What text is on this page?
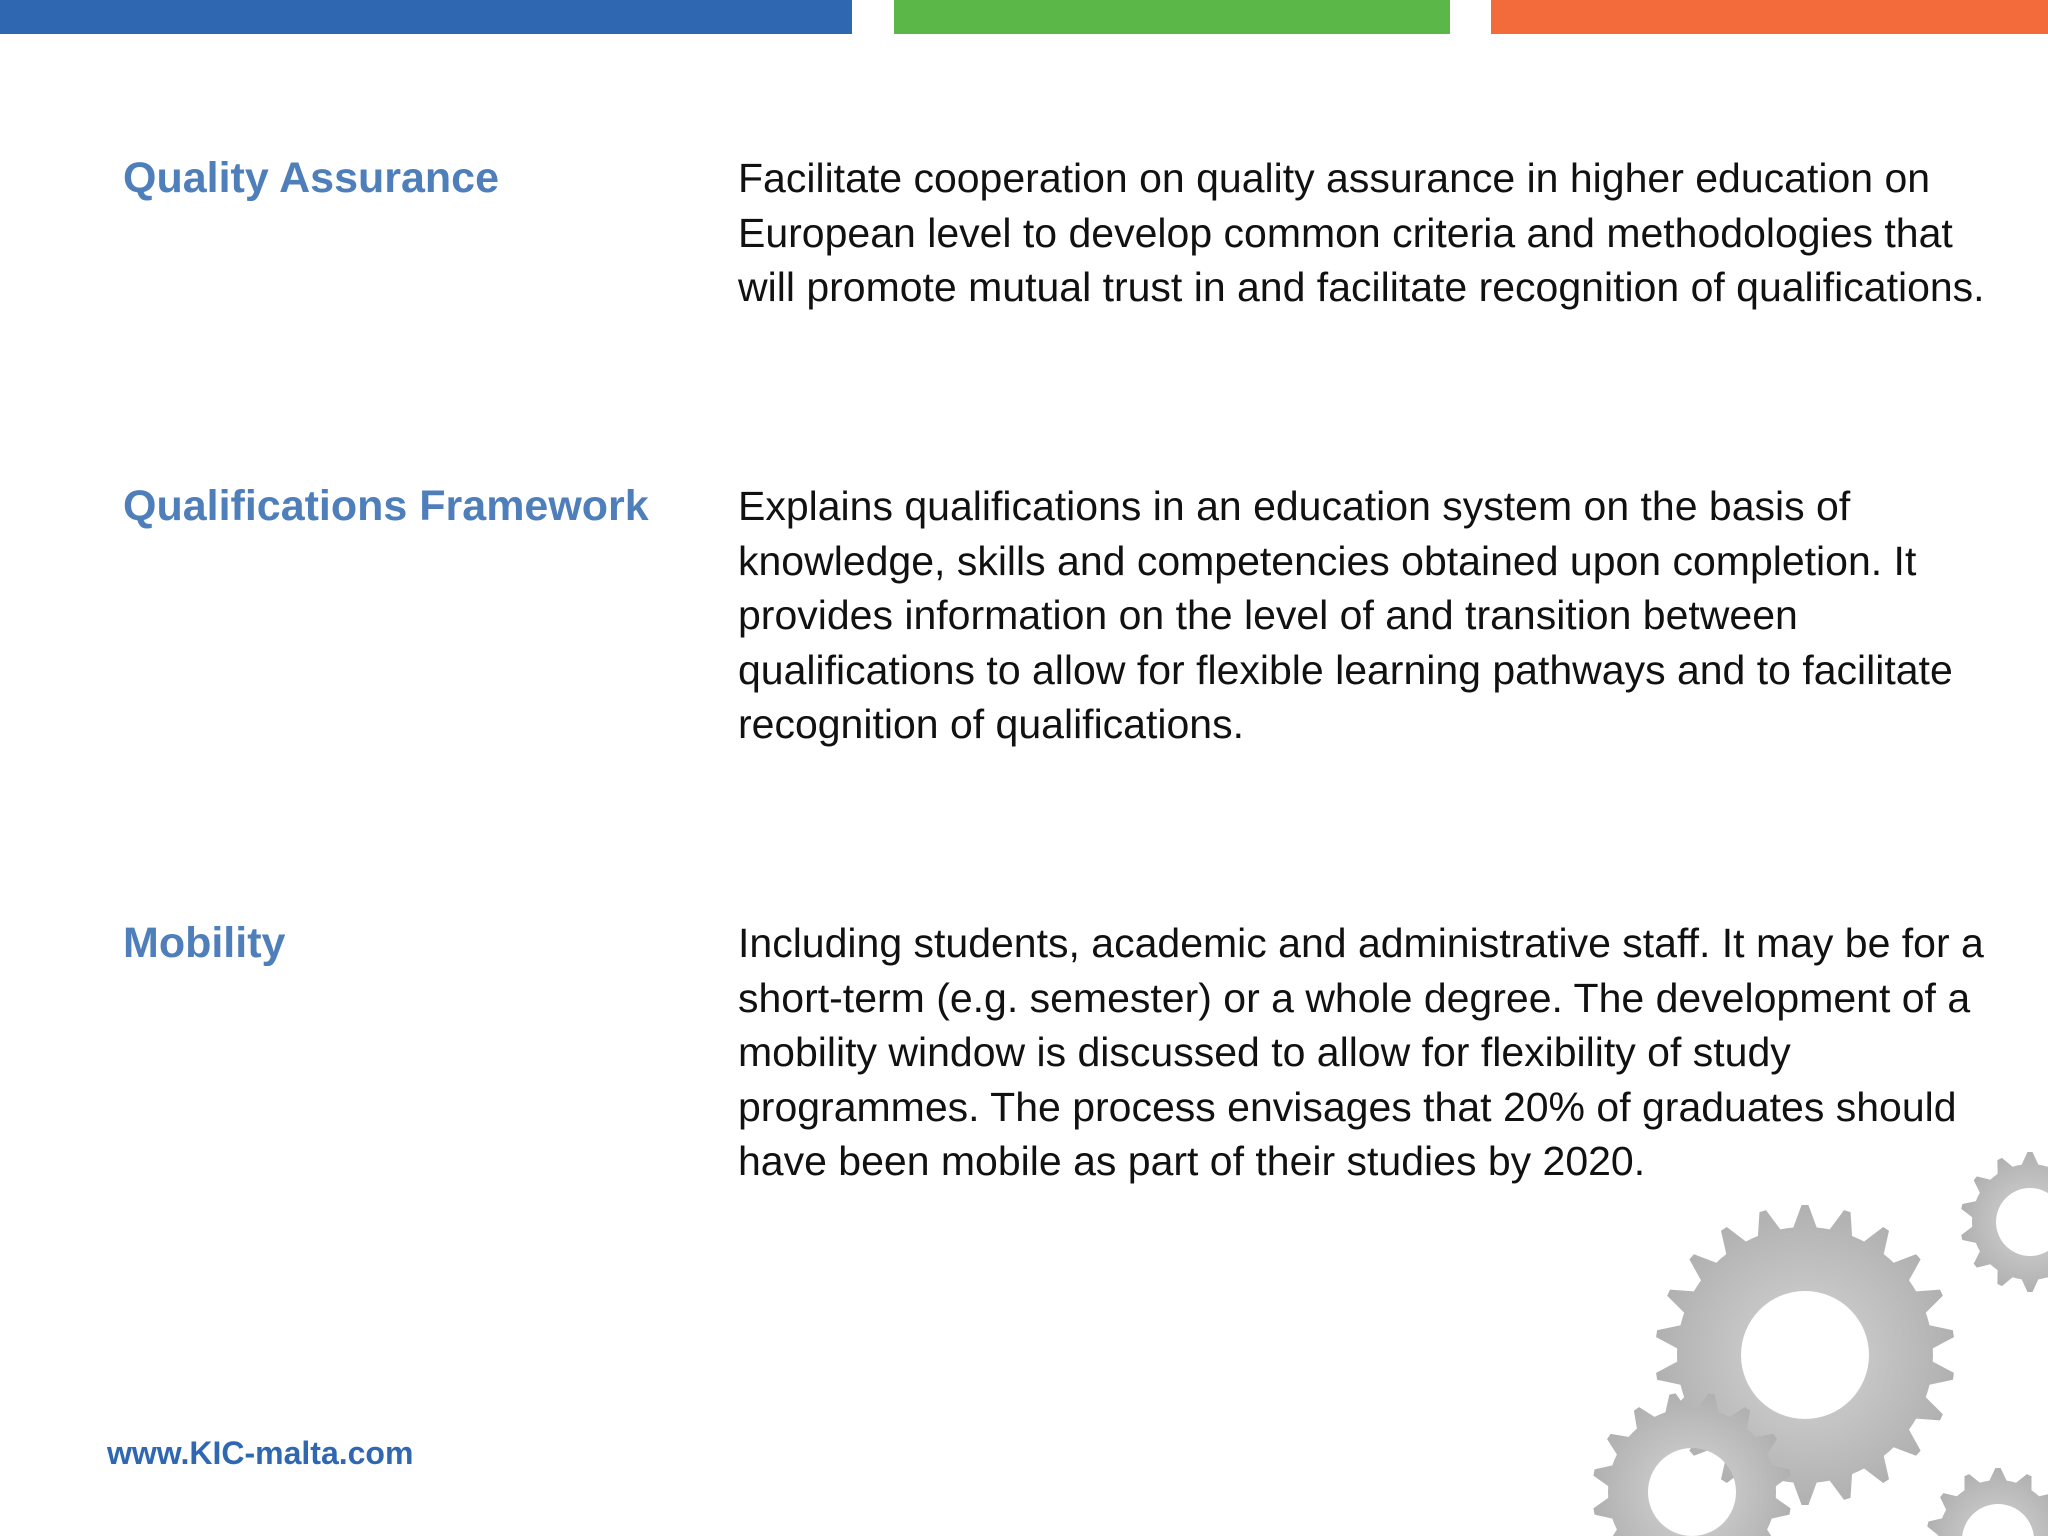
Quality Assurance	Facilitate cooperation on quality assurance in higher education on European level to develop common criteria and methodologies that will promote mutual trust in and facilitate recognition of qualifications.
Qualifications Framework	Explains qualifications in an education system on the basis of knowledge, skills and competencies obtained upon completion. It provides information on the level of and transition between qualifications to allow for flexible learning pathways and to facilitate recognition of qualifications.
Mobility	Including students, academic and administrative staff. It may be for a short-term (e.g. semester) or a whole degree. The development of a mobility window is discussed to allow for flexibility of study programmes. The process envisages that 20% of graduates should have been mobile as part of their studies by 2020.
www.KIC-malta.com
